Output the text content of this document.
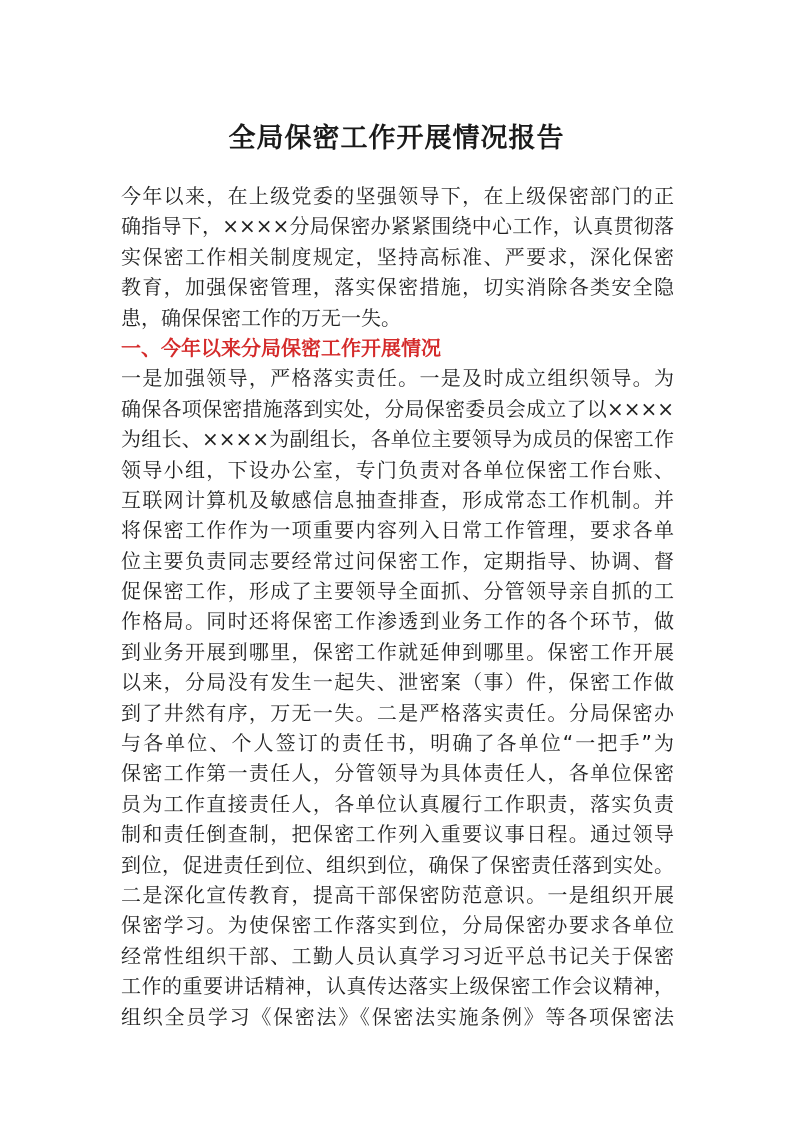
全局保密工作开展情况报告
今年以来，在上级党委的坚强领导下，在上级保密部门的正
确指导下，××××分局保密办紧紧围绕中心工作，认真贯彻落
实保密工作相关制度规定，坚持高标准、严要求，深化保密
教育，加强保密管理，落实保密措施，切实消除各类安全隐
患，确保保密工作的万无一失。
一、今年以来分局保密工作开展情况
一是加强领导，严格落实责任。一是及时成立组织领导。为
确保各项保密措施落到实处，分局保密委员会成立了以××××
为组长、××××为副组长，各单位主要领导为成员的保密工作
领导小组，下设办公室，专门负责对各单位保密工作台账、
互联网计算机及敏感信息抽查排查，形成常态工作机制。并
将保密工作作为一项重要内容列入日常工作管理，要求各单
位主要负责同志要经常过问保密工作，定期指导、协调、督
促保密工作，形成了主要领导全面抓、分管领导亲自抓的工
作格局。同时还将保密工作渗透到业务工作的各个环节，做
到业务开展到哪里，保密工作就延伸到哪里。保密工作开展
以来，分局没有发生一起失、泄密案（事）件，保密工作做
到了井然有序，万无一失。二是严格落实责任。分局保密办
与各单位、个人签订的责任书，明确了各单位“一把手”为
保密工作第一责任人，分管领导为具体责任人，各单位保密
员为工作直接责任人，各单位认真履行工作职责，落实负责
制和责任倒查制，把保密工作列入重要议事日程。通过领导
到位，促进责任到位、组织到位，确保了保密责任落到实处。
二是深化宣传教育，提高干部保密防范意识。一是组织开展
保密学习。为使保密工作落实到位，分局保密办要求各单位
经常性组织干部、工勤人员认真学习习近平总书记关于保密
工作的重要讲话精神，认真传达落实上级保密工作会议精神，
组织全员学习《保密法》《保密法实施条例》等各项保密法
